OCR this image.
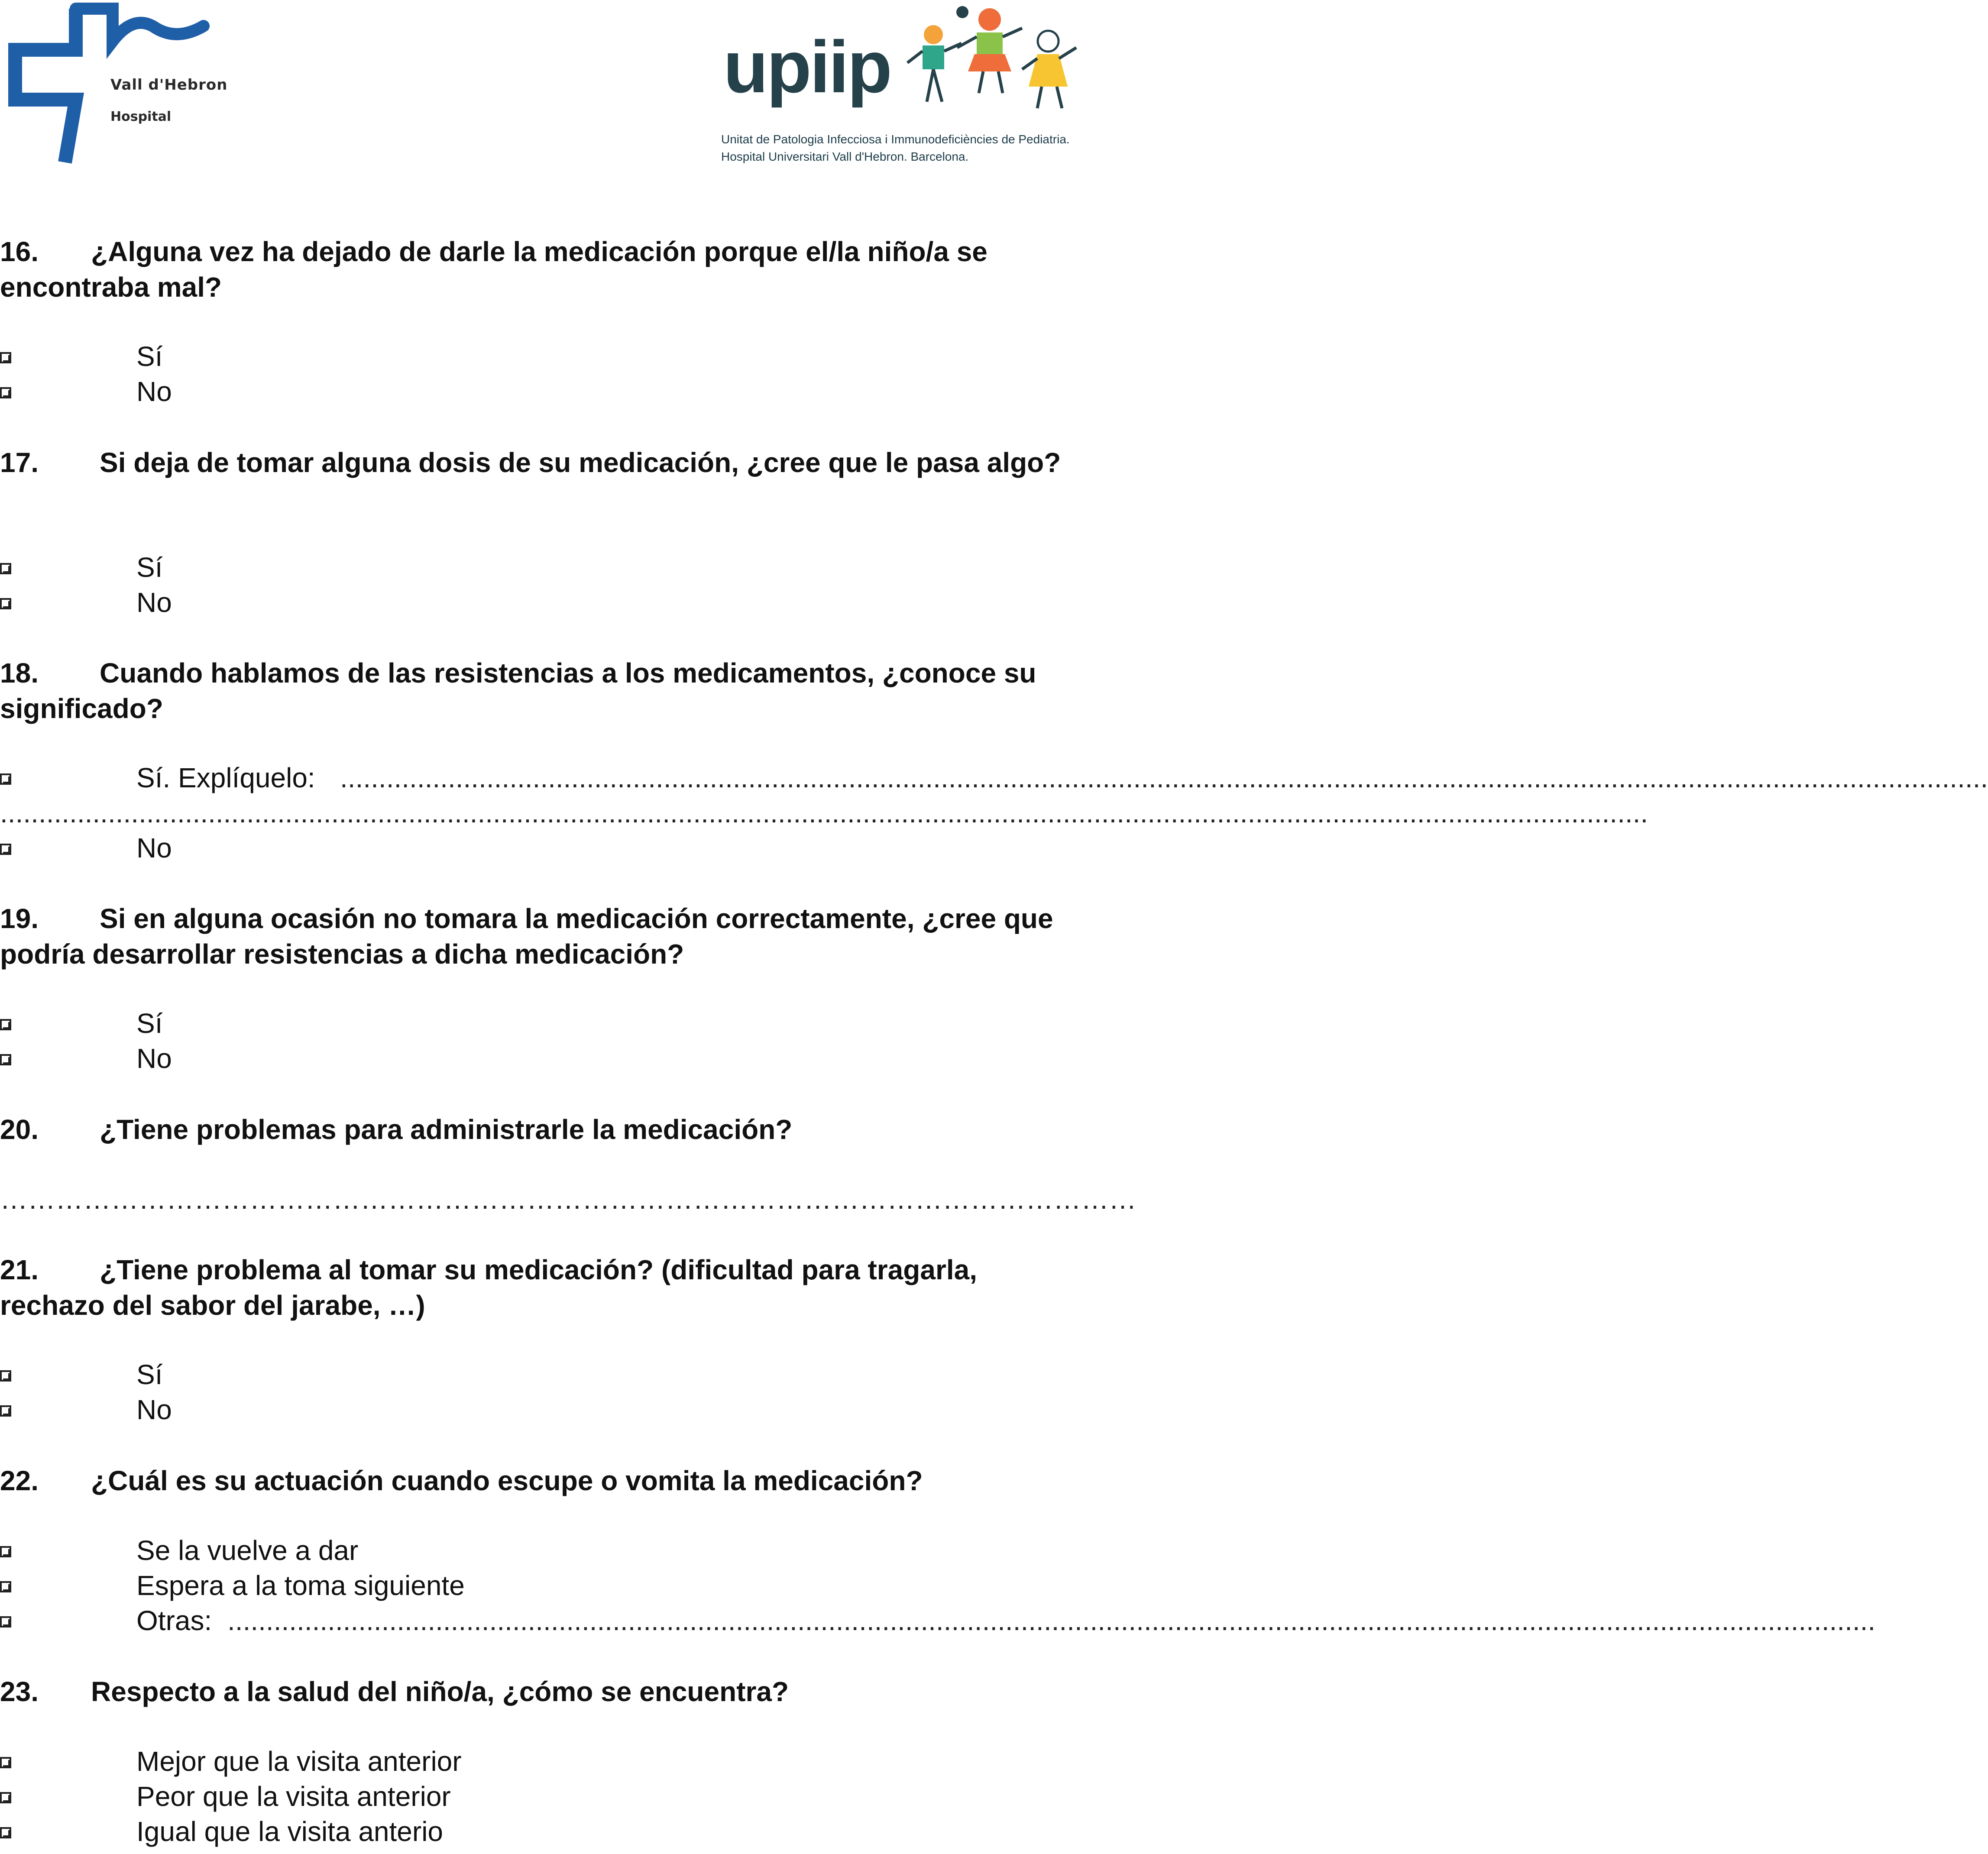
Vall d'Hebron
Hospital
upiip
Unitat de Patologia Infecciosa i Immunodeficiències de Pediatria.
Hospital Universitari Vall d'Hebron. Barcelona.
16. ¿Alguna vez ha dejado de darle la medicación porque el/la niño/a se encontraba mal?
Sí
No
17. Si deja de tomar alguna dosis de su medicación, ¿cree que le pasa algo?
Sí
No
18. Cuando hablamos de las resistencias a los medicamentos, ¿conoce su significado?
Sí. Explíquelo: ......................................................................................................................................................................................................................
......................................................................................................................................................................................................................
No
19. Si en alguna ocasión no tomara la medicación correctamente, ¿cree que podría desarrollar resistencias a dicha medicación?
Sí
No
20. ¿Tiene problemas para administrarle la medicación?
……………………………………………………………………………………………………………
21. ¿Tiene problema al tomar su medicación? (dificultad para tragarla, rechazo del sabor del jarabe, …)
Sí
No
22. ¿Cuál es su actuación cuando escupe o vomita la medicación?
Se la vuelve a dar
Espera a la toma siguiente
Otras: ......................................................................................................................................................................................................................
23. Respecto a la salud del niño/a, ¿cómo se encuentra?
Mejor que la visita anterior
Peor que la visita anterior
Igual que la visita anterio
